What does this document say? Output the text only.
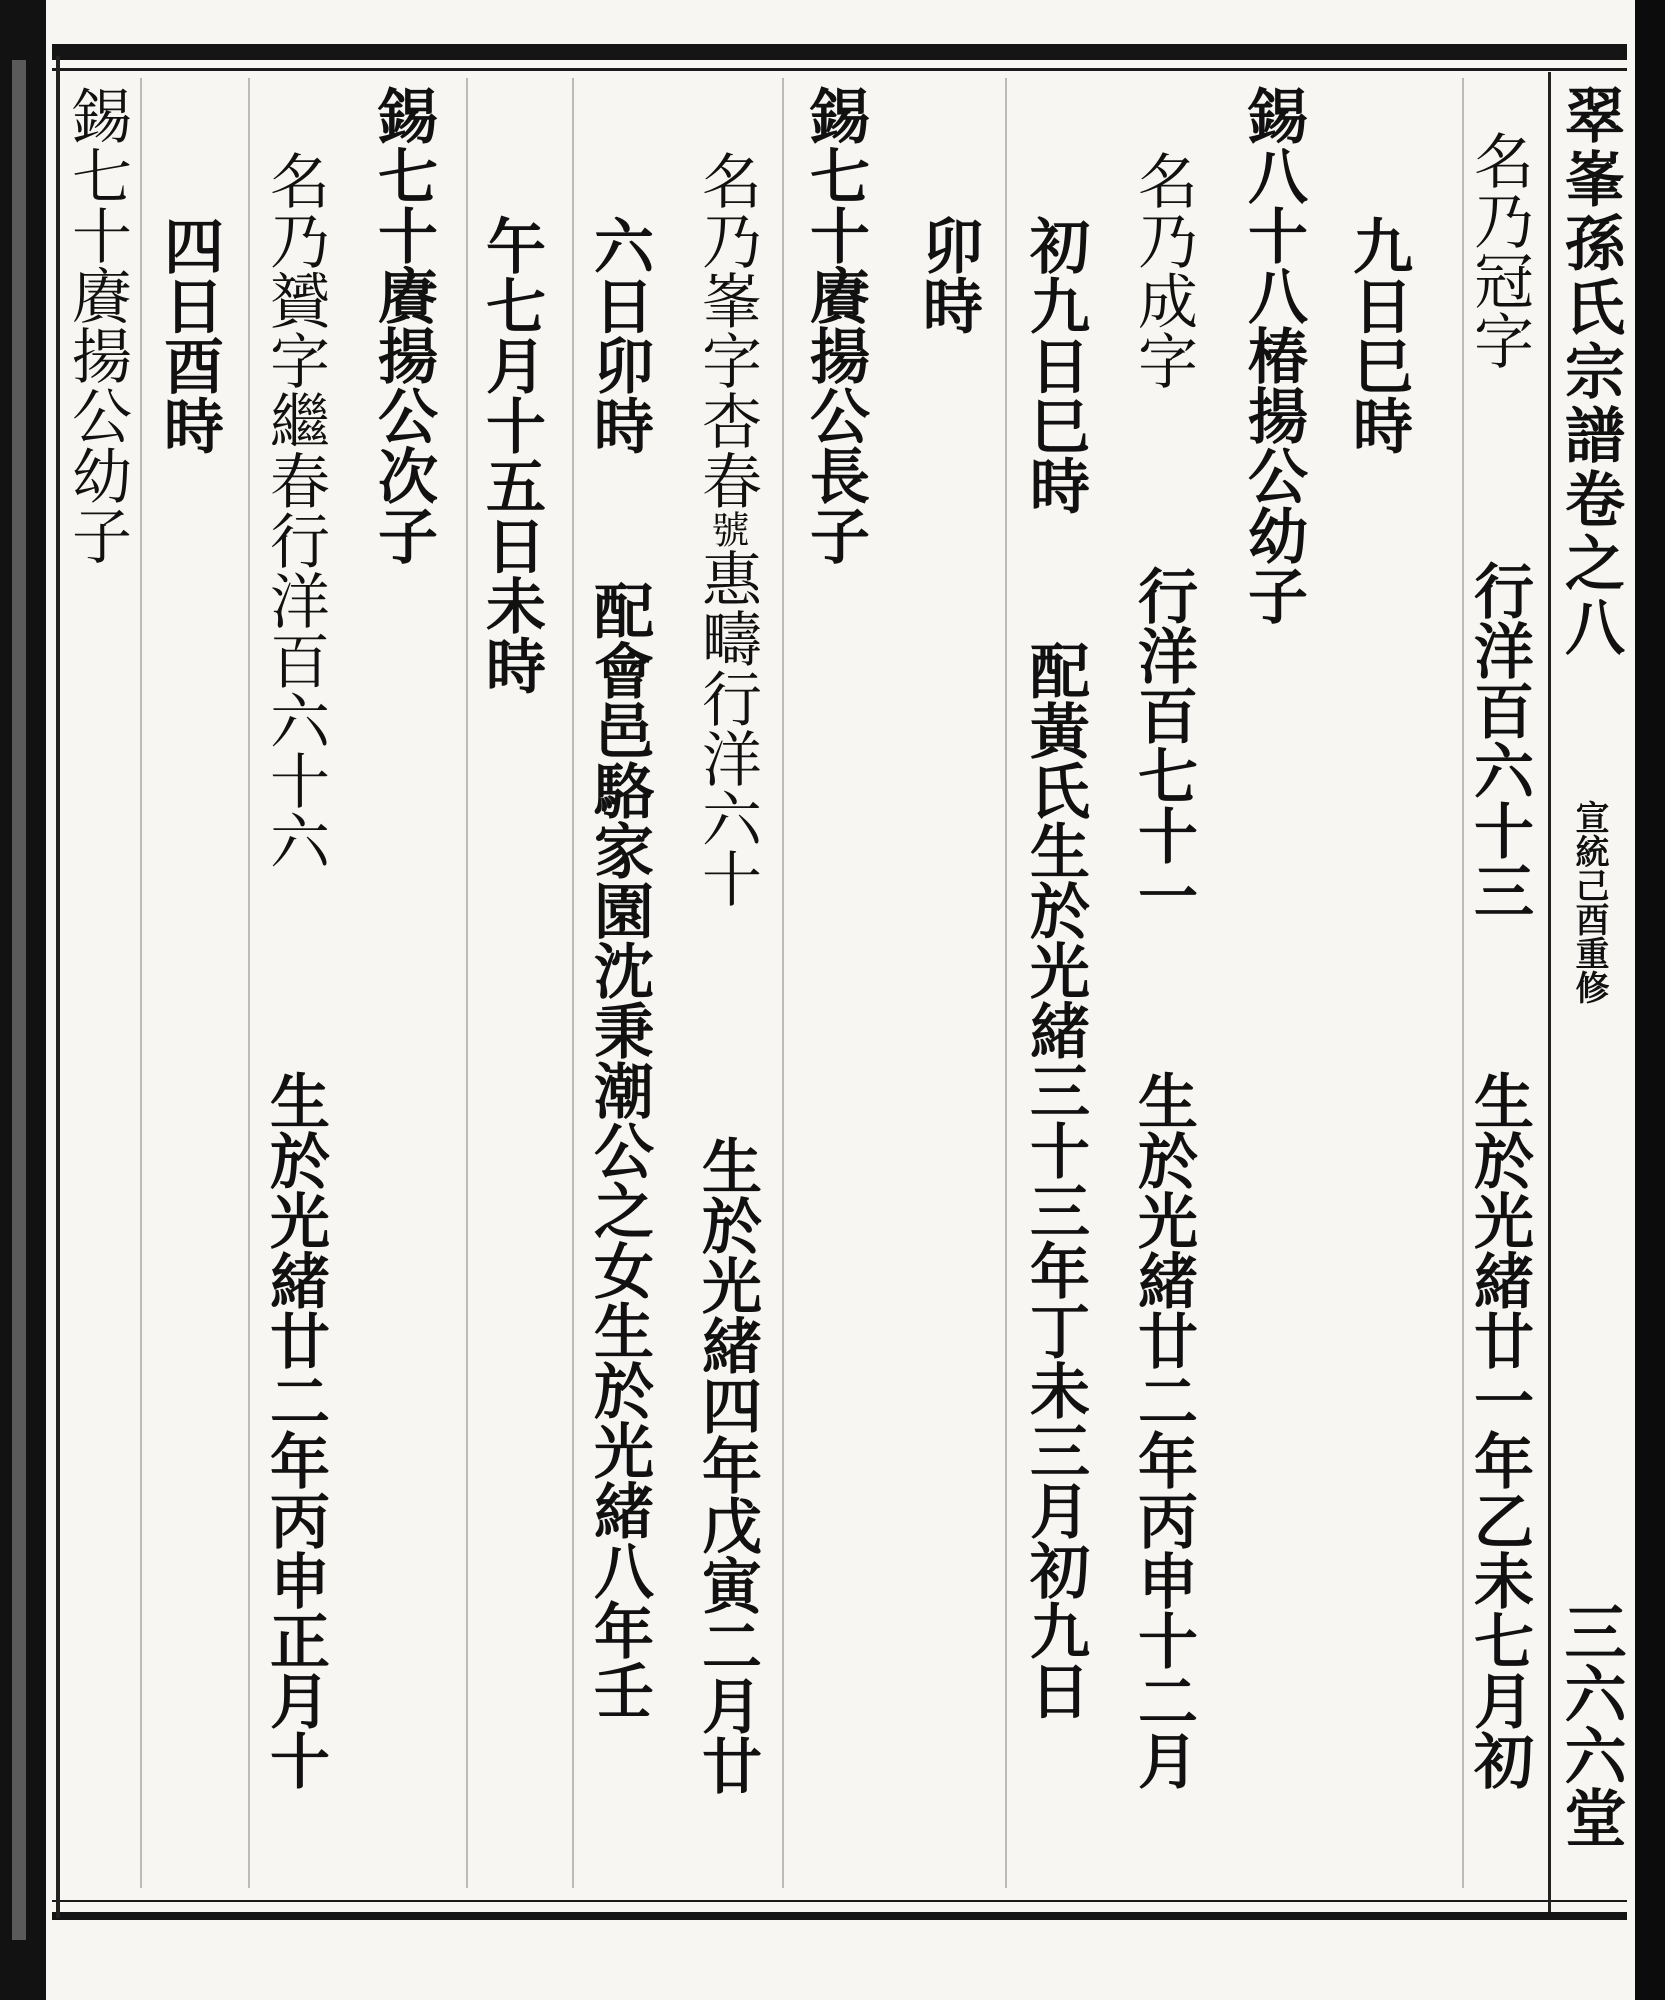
翠峯孫氏宗譜卷之八
宣統己酉重修
三六六堂
名乃冠字
行洋百六十三
生於光緒廿一年乙未七月初
九日巳時
錫八十八椿揚公幼子
名乃成字
行洋百七十一
生於光緒廿二年丙申十二月
初九日巳時
配黃氏生於光緒三十三年丁未三月初九日
卯時
錫七十賡揚公長子
名乃峯字杏春號惠疇行洋六十
生於光緒四年戊寅二月廿
六日卯時
配會邑駱家園沈秉潮公之女生於光緒八年壬
午七月十五日未時
錫七十賡揚公次子
名乃贇字繼春行洋百六十六
生於光緒廿二年丙申正月十
四日酉時
錫七十賡揚公幼子
